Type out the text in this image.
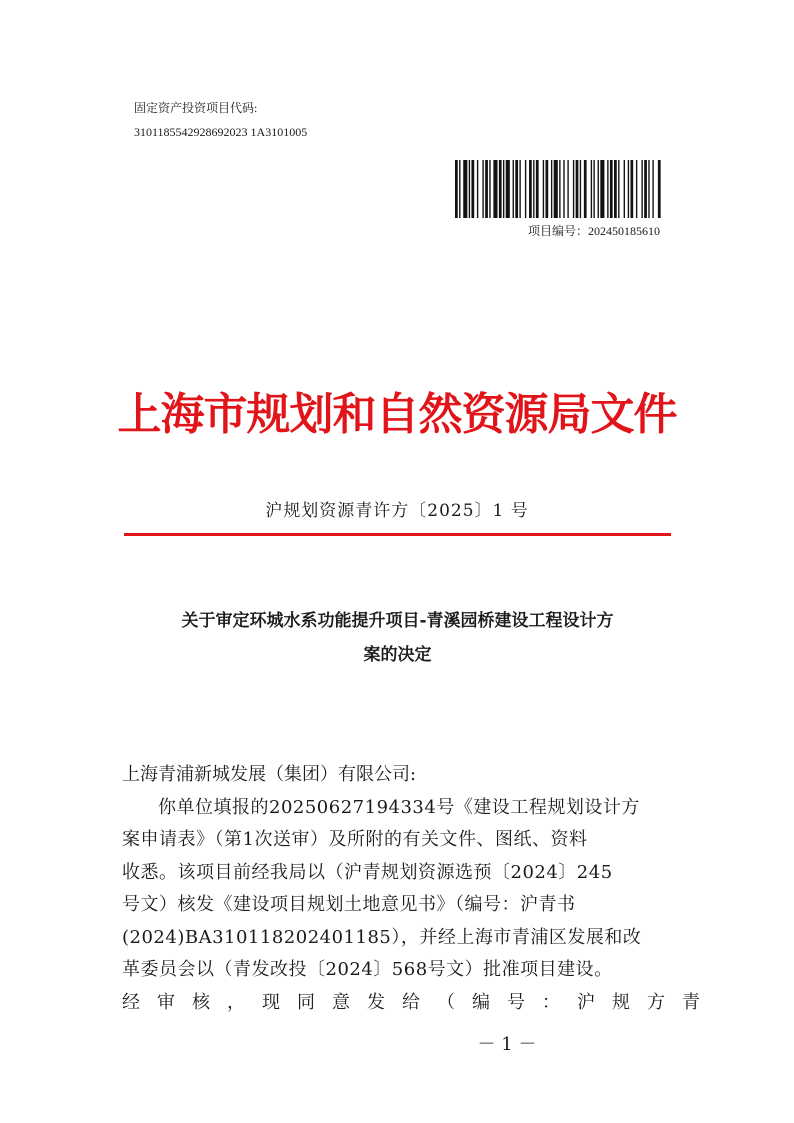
固定资产投资项目代码:
3101185542928692023 1A3101005
项目编号：202450185610
上海市规划和自然资源局文件
沪规划资源青许方〔2025〕1 号
关于审定环城水系功能提升项目-青溪园桥建设工程设计方
案的决定

上海青浦新城发展（集团）有限公司:

你单位填报的20250627194334号《建设工程规划设计方

案申请表》（第1次送审）及所附的有关文件、图纸、资料

收悉。该项目前经我局以（沪青规划资源选预〔2024〕245

号文）核发《建设项目规划土地意见书》（编号：沪青书

(2024)BA310118202401185），并经上海市青浦区发展和改

革委员会以（青发改投〔2024〕568号文）批准项目建设。

经审核，现同意发给（编号：沪规方青

－ 1 －
